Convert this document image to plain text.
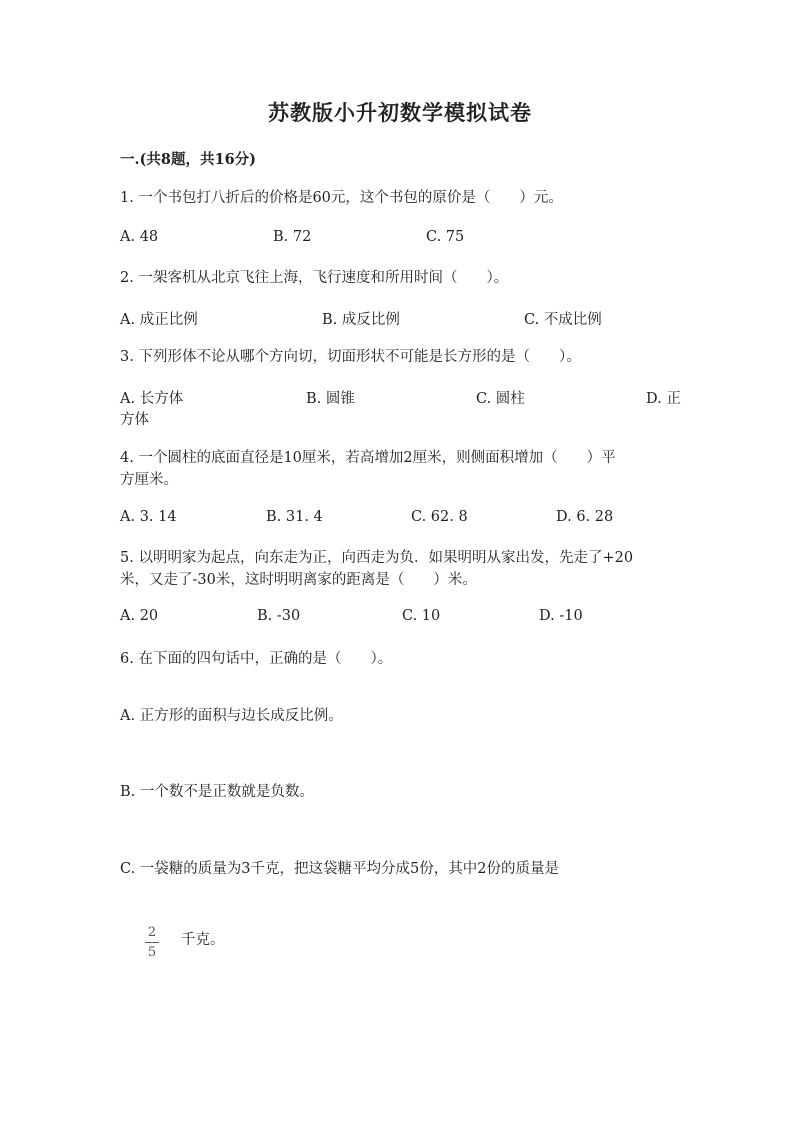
苏教版小升初数学模拟试卷
一.(共8题，共16分)
1. 一个书包打八折后的价格是60元，这个书包的原价是（　　）元。
A. 48	B. 72	C. 75
2. 一架客机从北京飞往上海，飞行速度和所用时间（　　）。
A. 成正比例	B. 成反比例	C. 不成比例
3. 下列形体不论从哪个方向切，切面形状不可能是长方形的是（　　）。
A. 长方体	B. 圆锥	C. 圆柱	D. 正
方体
4. 一个圆柱的底面直径是10厘米，若高增加2厘米，则侧面积增加（　　）平
方厘米。
A. 3. 14	B. 31. 4	C. 62. 8	D. 6. 28
5. 以明明家为起点，向东走为正，向西走为负．如果明明从家出发，先走了+20
米，又走了-30米，这时明明离家的距离是（　　）米。
A. 20	B. -30	C. 10	D. -10
6. 在下面的四句话中，正确的是（　　）。
A. 正方形的面积与边长成反比例。
B. 一个数不是正数就是负数。
C. 一袋糖的质量为3千克，把这袋糖平均分成5份，其中2份的质量是
2
5
千克。
